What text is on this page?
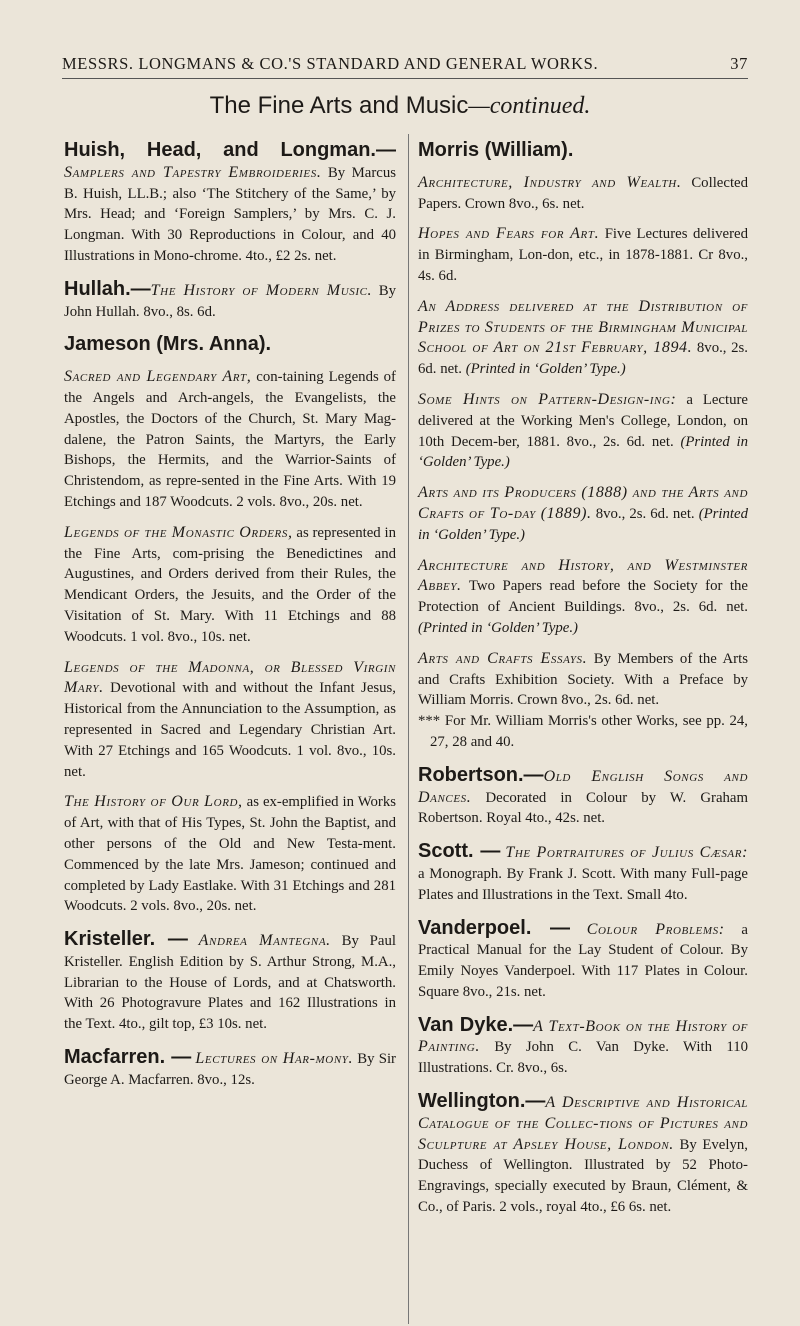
MESSRS. LONGMANS & CO.'S STANDARD AND GENERAL WORKS.	37
The Fine Arts and Music—continued.

Huish, Head, and Longman.— Samplers and Tapestry Embroideries. By Marcus B. Huish, LL.B.; also ‘The Stitchery of the Same,’ by Mrs. Head; and ‘Foreign Samplers,’ by Mrs. C. J. Longman. With 30 Reproductions in Colour, and 40 Illustrations in Mono-chrome. 4to., £2 2s. net.

Hullah.—The History of Modern Music. By John Hullah. 8vo., 8s. 6d.

Jameson (Mrs. Anna).

Sacred and Legendary Art, con-taining Legends of the Angels and Arch-angels, the Evangelists, the Apostles, the Doctors of the Church, St. Mary Mag-dalene, the Patron Saints, the Martyrs, the Early Bishops, the Hermits, and the Warrior-Saints of Christendom, as repre-sented in the Fine Arts. With 19 Etchings and 187 Woodcuts. 2 vols. 8vo., 20s. net.

Legends of the Monastic Orders, as represented in the Fine Arts, com-prising the Benedictines and Augustines, and Orders derived from their Rules, the Mendicant Orders, the Jesuits, and the Order of the Visitation of St. Mary. With 11 Etchings and 88 Woodcuts. 1 vol. 8vo., 10s. net.

Legends of the Madonna, or Blessed Virgin Mary. Devotional with and without the Infant Jesus, Historical from the Annunciation to the Assumption, as represented in Sacred and Legendary Christian Art. With 27 Etchings and 165 Woodcuts. 1 vol. 8vo., 10s. net.

The History of Our Lord, as ex-emplified in Works of Art, with that of His Types, St. John the Baptist, and other persons of the Old and New Testa-ment. Commenced by the late Mrs. Jameson; continued and completed by Lady Eastlake. With 31 Etchings and 281 Woodcuts. 2 vols. 8vo., 20s. net.

Kristeller. — Andrea Mantegna. By Paul Kristeller. English Edition by S. Arthur Strong, M.A., Librarian to the House of Lords, and at Chatsworth. With 26 Photogravure Plates and 162 Illustrations in the Text. 4to., gilt top, £3 10s. net.

Macfarren. — Lectures on Har-mony. By Sir George A. Macfarren. 8vo., 12s.

Morris (William).

Architecture, Industry and Wealth. Collected Papers. Crown 8vo., 6s. net.

Hopes and Fears for Art. Five Lectures delivered in Birmingham, Lon-don, etc., in 1878-1881. Cr 8vo., 4s. 6d.

An Address delivered at the Distribution of Prizes to Students of the Birmingham Municipal School of Art on 21st February, 1894. 8vo., 2s. 6d. net. (Printed in ‘Golden’ Type.)

Some Hints on Pattern-Design-ing: a Lecture delivered at the Working Men's College, London, on 10th Decem-ber, 1881. 8vo., 2s. 6d. net. (Printed in ‘Golden’ Type.)

Arts and its Producers (1888) and the Arts and Crafts of To-day (1889). 8vo., 2s. 6d. net. (Printed in ‘Golden’ Type.)

Architecture and History, and Westminster Abbey. Two Papers read before the Society for the Protection of Ancient Buildings. 8vo., 2s. 6d. net. (Printed in ‘Golden’ Type.)

Arts and Crafts Essays. By Members of the Arts and Crafts Exhibition Society. With a Preface by William Morris. Crown 8vo., 2s. 6d. net.

*** For Mr. William Morris's other Works, see pp. 24, 27, 28 and 40.

Robertson.—Old English Songs and Dances. Decorated in Colour by W. Graham Robertson. Royal 4to., 42s. net.

Scott. — The Portraitures of Julius Cæsar: a Monograph. By Frank J. Scott. With many Full-page Plates and Illustrations in the Text. Small 4to.

Vanderpoel. — Colour Problems: a Practical Manual for the Lay Student of Colour. By Emily Noyes Vanderpoel. With 117 Plates in Colour. Square 8vo., 21s. net.

Van Dyke.—A Text-Book on the History of Painting. By John C. Van Dyke. With 110 Illustrations. Cr. 8vo., 6s.

Wellington.—A Descriptive and Historical Catalogue of the Collec-tions of Pictures and Sculpture at Apsley House, London. By Evelyn, Duchess of Wellington. Illustrated by 52 Photo-Engravings, specially executed by Braun, Clément, & Co., of Paris. 2 vols., royal 4to., £6 6s. net.
